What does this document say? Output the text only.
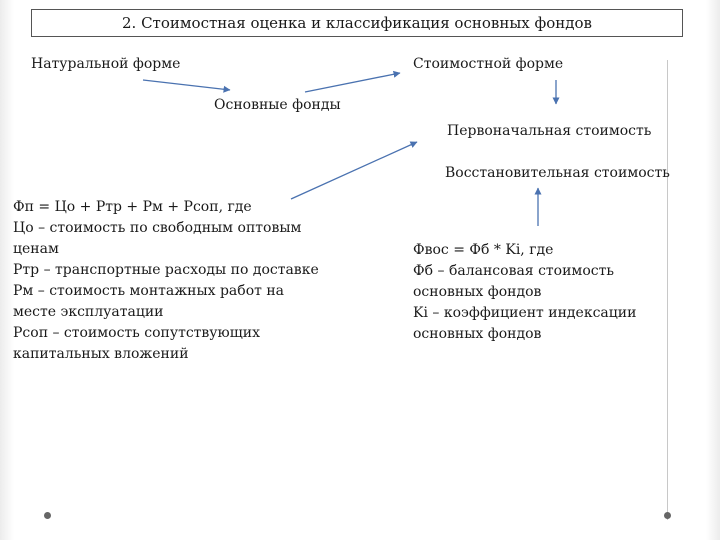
2. Стоимостная оценка и классификация основных фондов
Натуральной форме	Стоимостной форме
Основные фонды
Первоначальная стоимость
Восстановительная стоимость
Фп = Цо + Ртр + Рм + Рсоп, где
Цо – стоимость по свободным оптовым
ценам
Ртр – транспортные расходы по доставке
Рм – стоимость монтажных работ на
месте эксплуатации
Рсоп – стоимость сопутствующих
капитальных вложений
Фвос = Фб * Ki, где
Фб – балансовая стоимость
основных фондов
Ki – коэффициент индексации
основных фондов
